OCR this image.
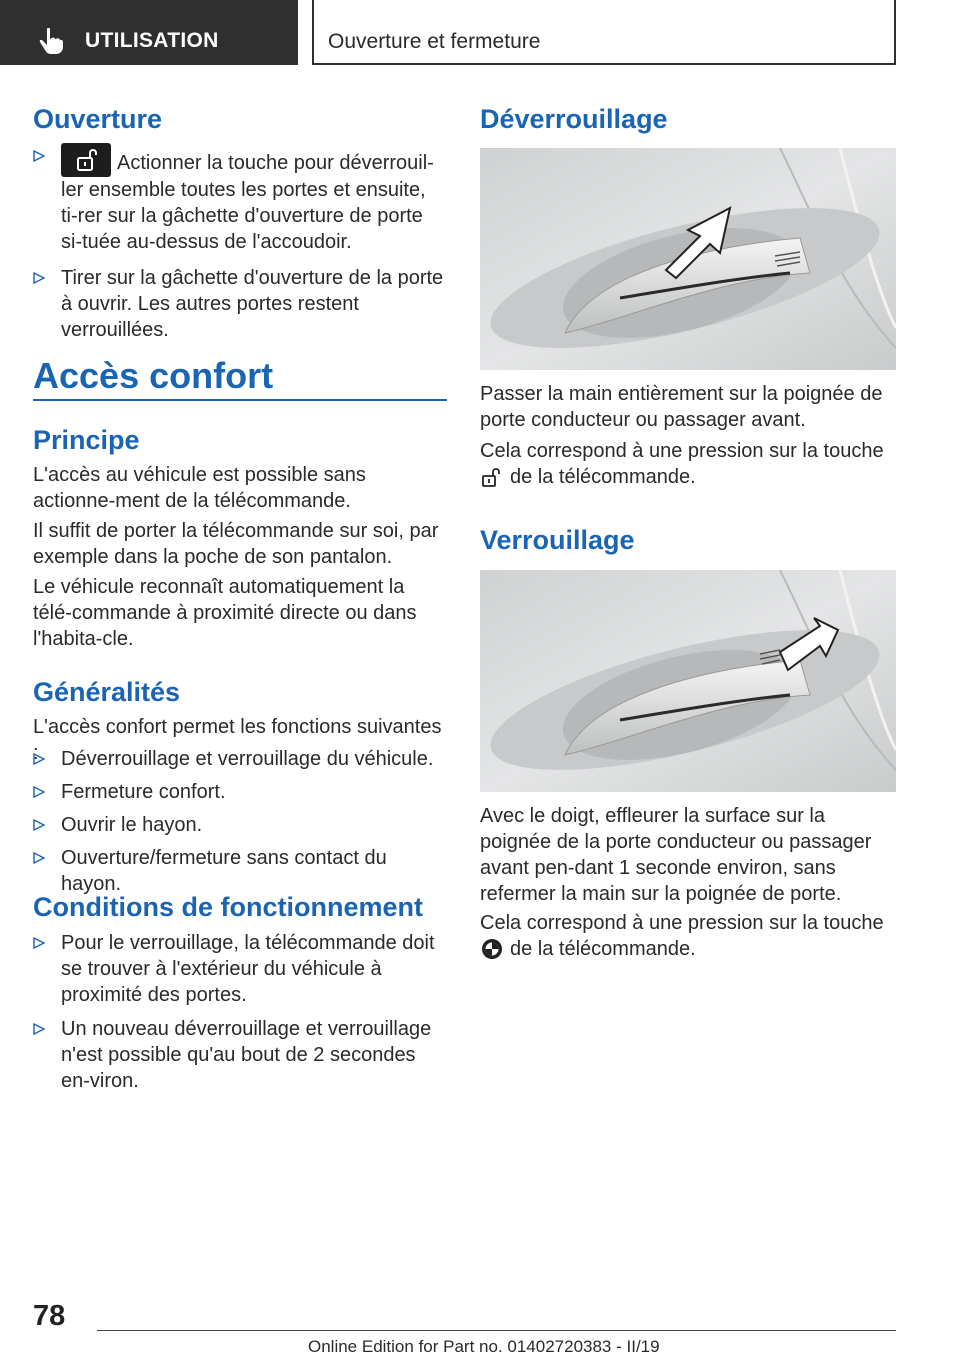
UTILISATION	Ouverture et fermeture
Ouverture
Actionner la touche pour déverrouil-ler ensemble toutes les portes et ensuite, ti-rer sur la gâchette d'ouverture de porte si-tuée au-dessus de l'accoudoir.
Tirer sur la gâchette d'ouverture de la porte à ouvrir. Les autres portes restent verrouillées.
Accès confort
Principe

L'accès au véhicule est possible sans actionne-ment de la télécommande.

Il suffit de porter la télécommande sur soi, par exemple dans la poche de son pantalon.

Le véhicule reconnaît automatiquement la télé-commande à proximité directe ou dans l'habita-cle.

Généralités

L'accès confort permet les fonctions suivantes :	Déverrouillage et verrouillage du véhicule.
Fermeture confort.
Ouvrir le hayon.
Ouverture/fermeture sans contact du hayon.
Conditions de fonctionnement
Pour le verrouillage, la télécommande doit se trouver à l'extérieur du véhicule à proximité des portes.
Un nouveau déverrouillage et verrouillage n'est possible qu'au bout de 2 secondes en-viron.
Déverrouillage

Passer la main entièrement sur la poignée de porte conducteur ou passager avant.

Cela correspond à une pression sur la touche
de la télécommande.

Verrouillage

Avec le doigt, effleurer la surface sur la poignée de la porte conducteur ou passager avant pen-dant 1 seconde environ, sans refermer la main sur la poignée de porte.

Cela correspond à une pression sur la touche
de la télécommande.

78
Online Edition for Part no. 01402720383 - II/19
